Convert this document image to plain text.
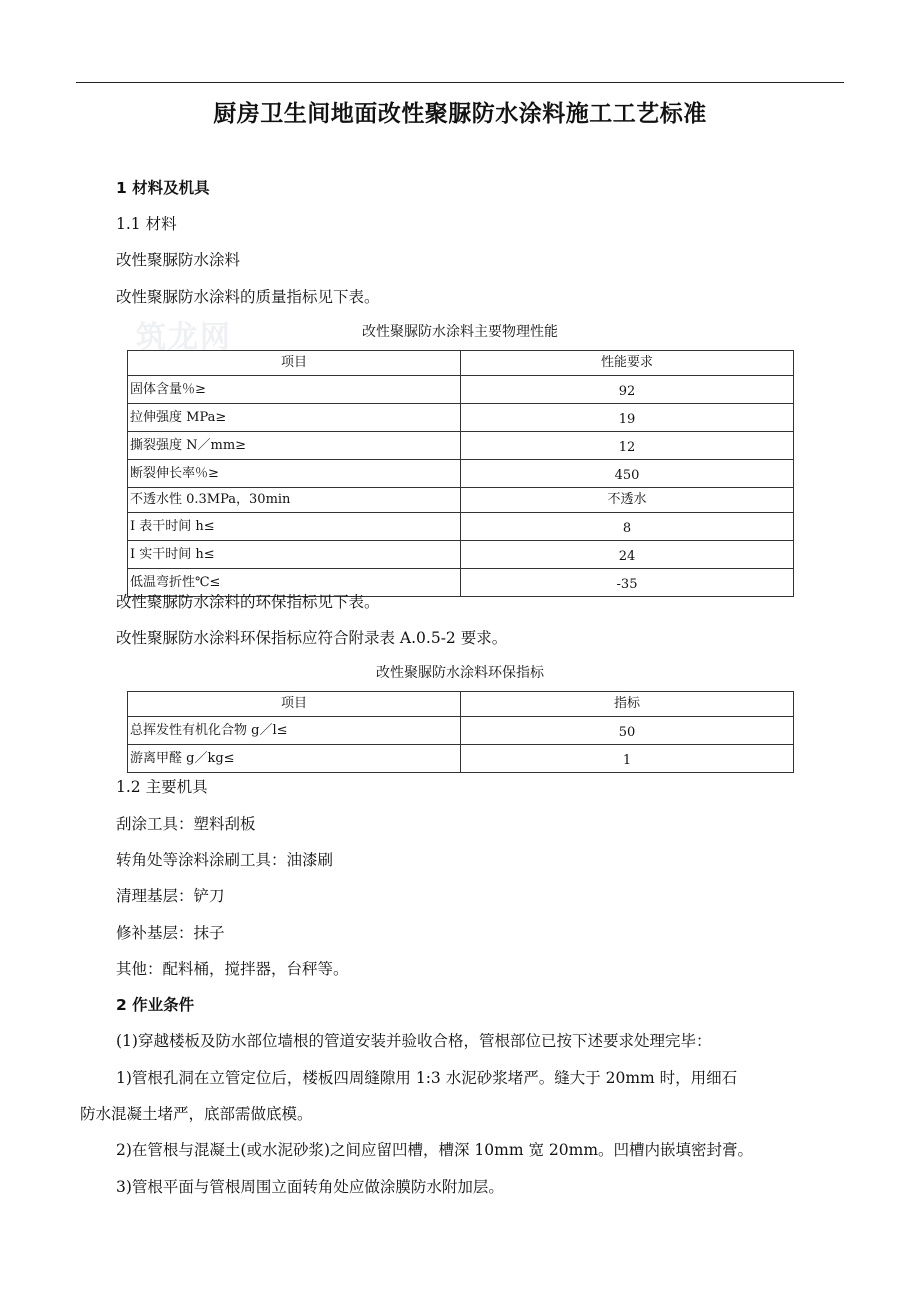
厨房卫生间地面改性聚脲防水涂料施工工艺标准
1 材料及机具
1.1 材料
改性聚脲防水涂料
改性聚脲防水涂料的质量指标见下表。
筑龙网	改性聚脲防水涂料主要物理性能
项目	性能要求
固体含量％≥	92
拉伸强度 MPa≥	19
撕裂强度 N／mm≥	12
断裂伸长率％≥	450
不透水性 0.3MPa，30min	不透水
I 表干时间 h≤	8
I 实干时间 h≤	24
低温弯折性℃≤	-35
改性聚脲防水涂料的环保指标见下表。
改性聚脲防水涂料环保指标应符合附录表 A.0.5-2 要求。
改性聚脲防水涂料环保指标
项目	指标
总挥发性有机化合物 g／l≤	50
游离甲醛 g／kg≤	1
1.2 主要机具
刮涂工具：塑料刮板
转角处等涂料涂刷工具：油漆刷
清理基层：铲刀
修补基层：抹子
其他：配料桶，搅拌器，台秤等。
2 作业条件
(1)穿越楼板及防水部位墙根的管道安装并验收合格，管根部位已按下述要求处理完毕：
1)管根孔洞在立管定位后，楼板四周缝隙用 1:3 水泥砂浆堵严。缝大于 20mm 时，用细石
防水混凝土堵严，底部需做底模。
2)在管根与混凝土(或水泥砂浆)之间应留凹槽，槽深 10mm 宽 20mm。凹槽内嵌填密封膏。
3)管根平面与管根周围立面转角处应做涂膜防水附加层。
